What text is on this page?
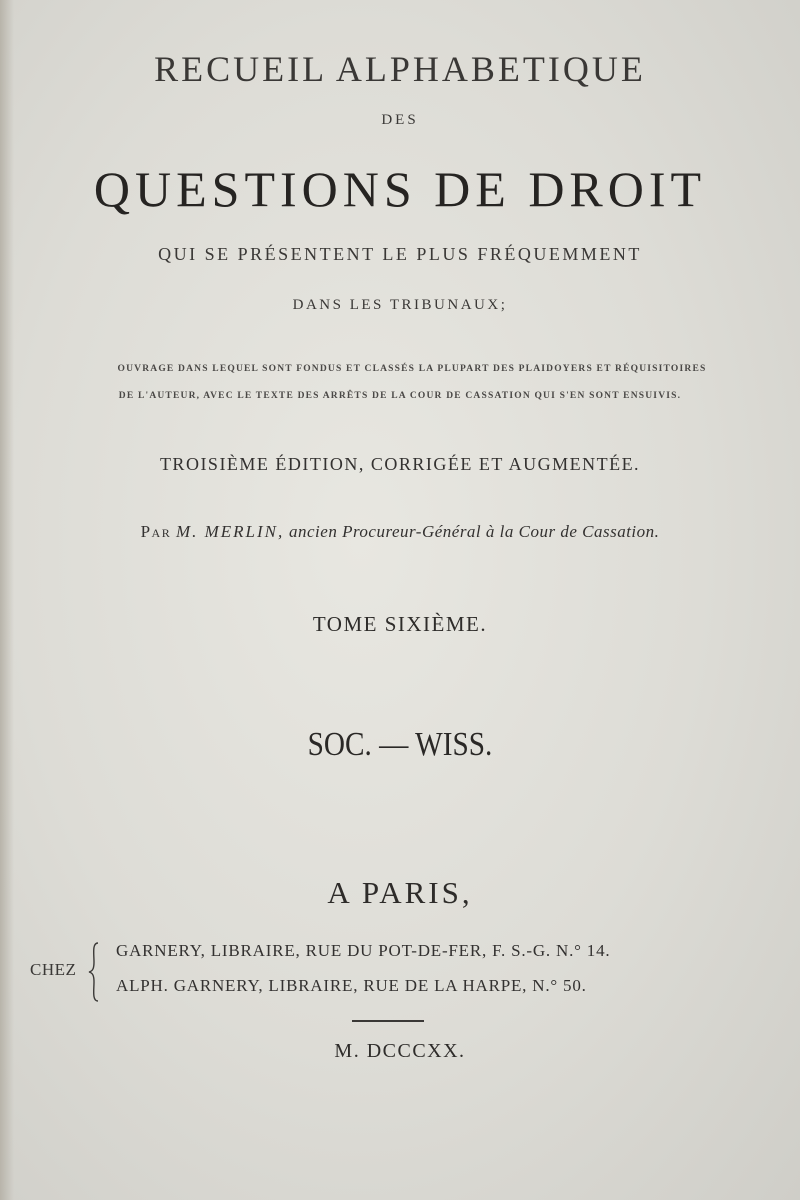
RECUEIL ALPHABETIQUE
DES
QUESTIONS DE DROIT
QUI SE PRÉSENTENT LE PLUS FRÉQUEMMENT
DANS LES TRIBUNAUX;
OUVRAGE DANS LEQUEL SONT FONDUS ET CLASSÉS LA PLUPART DES PLAIDOYERS ET RÉQUISITOIRES
DE L'AUTEUR, AVEC LE TEXTE DES ARRÊTS DE LA COUR DE CASSATION QUI S'EN SONT ENSUIVIS.
TROISIÈME ÉDITION, CORRIGÉE ET AUGMENTÉE.
Par M. MERLIN, ancien Procureur-Général à la Cour de Cassation.
TOME SIXIÈME.
SOC. — WISS.
A PARIS,
CHEZ
GARNERY, LIBRAIRE, RUE DU POT-DE-FER, F. S.-G. N.° 14.
ALPH. GARNERY, LIBRAIRE, RUE DE LA HARPE, N.° 50.
M. DCCCXX.
